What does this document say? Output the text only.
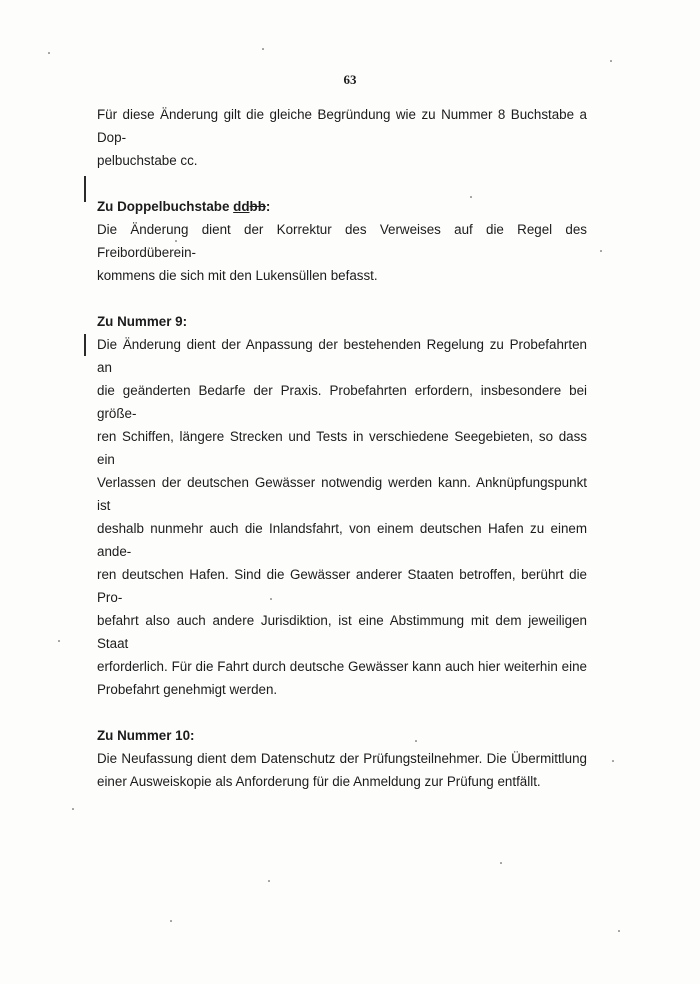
63

Für diese Änderung gilt die gleiche Begründung wie zu Nummer 8 Buchstabe a Dop-
pelbuchstabe cc.

Zu Doppelbuchstabe ddbb:

Die Änderung dient der Korrektur des Verweises auf die Regel des Freibordüberein-
kommens die sich mit den Lukensüllen befasst.

Zu Nummer 9:

Die Änderung dient der Anpassung der bestehenden Regelung zu Probefahrten an
die geänderten Bedarfe der Praxis. Probefahrten erfordern, insbesondere bei größe-
ren Schiffen, längere Strecken und Tests in verschiedene Seegebieten, so dass ein
Verlassen der deutschen Gewässer notwendig werden kann. Anknüpfungspunkt ist
deshalb nunmehr auch die Inlandsfahrt, von einem deutschen Hafen zu einem ande-
ren deutschen Hafen. Sind die Gewässer anderer Staaten betroffen, berührt die Pro-
befahrt also auch andere Jurisdiktion, ist eine Abstimmung mit dem jeweiligen Staat
erforderlich. Für die Fahrt durch deutsche Gewässer kann auch hier weiterhin eine
Probefahrt genehmigt werden.

Zu Nummer 10:

Die Neufassung dient dem Datenschutz der Prüfungsteilnehmer. Die Übermittlung
einer Ausweiskopie als Anforderung für die Anmeldung zur Prüfung entfällt.
